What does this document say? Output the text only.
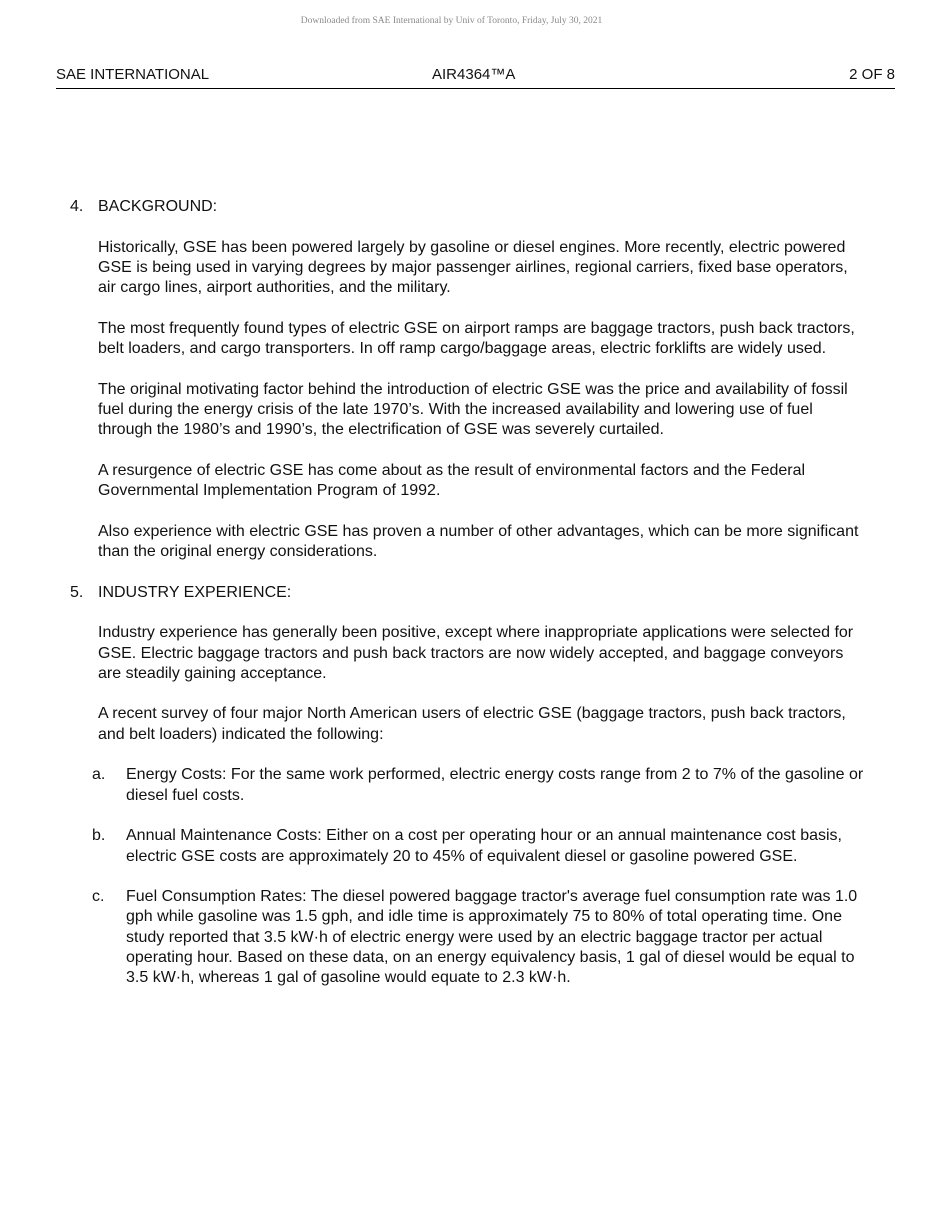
Downloaded from SAE International by Univ of Toronto, Friday, July 30, 2021
SAE INTERNATIONAL	AIR4364™A	2 OF 8
4. BACKGROUND:

Historically, GSE has been powered largely by gasoline or diesel engines. More recently, electric powered GSE is being used in varying degrees by major passenger airlines, regional carriers, fixed base operators, air cargo lines, airport authorities, and the military.

The most frequently found types of electric GSE on airport ramps are baggage tractors, push back tractors, belt loaders, and cargo transporters. In off ramp cargo/baggage areas, electric forklifts are widely used.

The original motivating factor behind the introduction of electric GSE was the price and availability of fossil fuel during the energy crisis of the late 1970’s. With the increased availability and lowering use of fuel through the 1980’s and 1990’s, the electrification of GSE was severely curtailed.

A resurgence of electric GSE has come about as the result of environmental factors and the Federal Governmental Implementation Program of 1992.

Also experience with electric GSE has proven a number of other advantages, which can be more significant than the original energy considerations.

5. INDUSTRY EXPERIENCE:

Industry experience has generally been positive, except where inappropriate applications were selected for GSE. Electric baggage tractors and push back tractors are now widely accepted, and baggage conveyors are steadily gaining acceptance.

A recent survey of four major North American users of electric GSE (baggage tractors, push back tractors, and belt loaders) indicated the following:

a. Energy Costs: For the same work performed, electric energy costs range from 2 to 7% of the gasoline or diesel fuel costs.
b. Annual Maintenance Costs: Either on a cost per operating hour or an annual maintenance cost basis, electric GSE costs are approximately 20 to 45% of equivalent diesel or gasoline powered GSE.
c. Fuel Consumption Rates: The diesel powered baggage tractor's average fuel consumption rate was 1.0 gph while gasoline was 1.5 gph, and idle time is approximately 75 to 80% of total operating time. One study reported that 3.5 kW·h of electric energy were used by an electric baggage tractor per actual operating hour. Based on these data, on an energy equivalency basis, 1 gal of diesel would be equal to 3.5 kW·h, whereas 1 gal of gasoline would equate to 2.3 kW·h.
